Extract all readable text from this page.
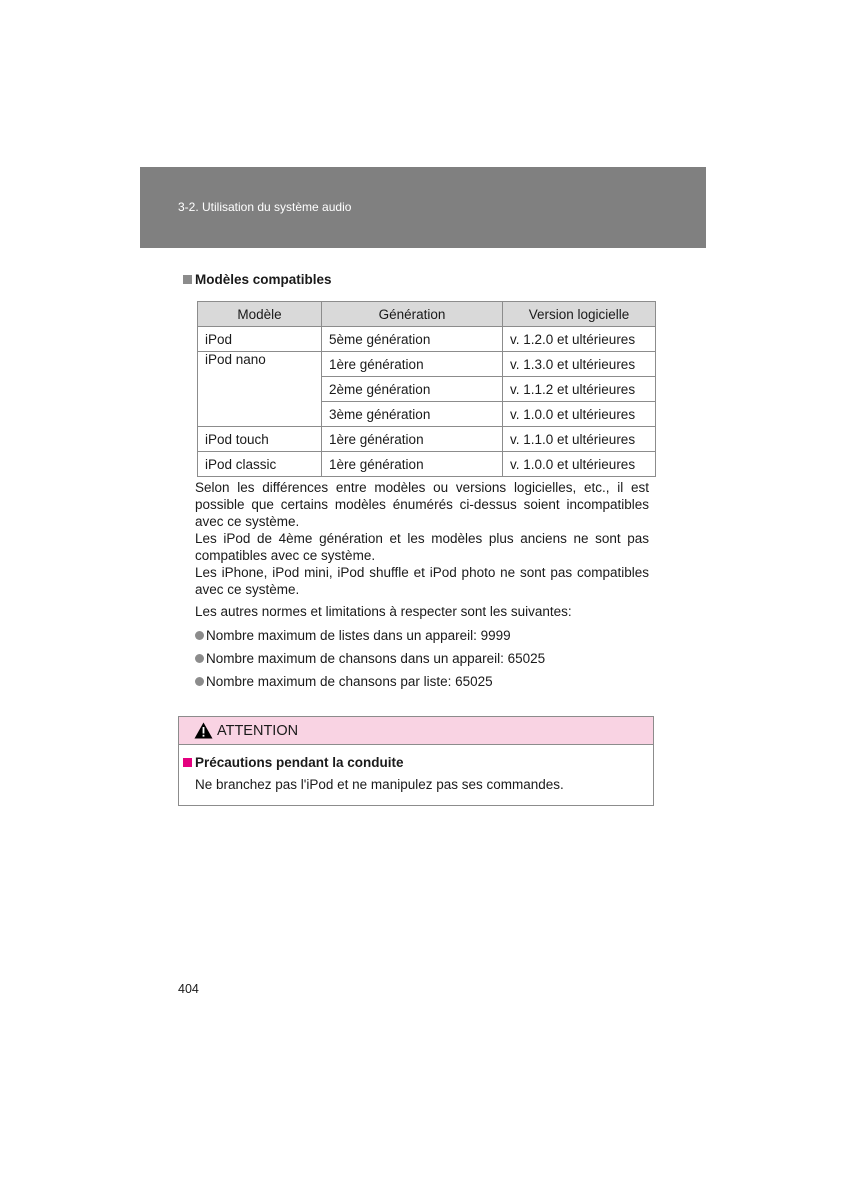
3-2. Utilisation du système audio
Modèles compatibles
Modèle	Génération	Version logicielle
iPod	5ème génération	v. 1.2.0 et ultérieures
iPod nano	1ère génération	v. 1.3.0 et ultérieures
	2ème génération	v. 1.1.2 et ultérieures
	3ème génération	v. 1.0.0 et ultérieures
iPod touch	1ère génération	v. 1.1.0 et ultérieures
iPod classic	1ère génération	v. 1.0.0 et ultérieures
Selon les différences entre modèles ou versions logicielles, etc., il est possible que certains modèles énumérés ci-dessus soient incompatibles avec ce système.
Les iPod de 4ème génération et les modèles plus anciens ne sont pas compatibles avec ce système.
Les iPhone, iPod mini, iPod shuffle et iPod photo ne sont pas compatibles avec ce système.
Les autres normes et limitations à respecter sont les suivantes:
Nombre maximum de listes dans un appareil: 9999
Nombre maximum de chansons dans un appareil: 65025
Nombre maximum de chansons par liste: 65025
ATTENTION
Précautions pendant la conduite
Ne branchez pas l'iPod et ne manipulez pas ses commandes.
404
